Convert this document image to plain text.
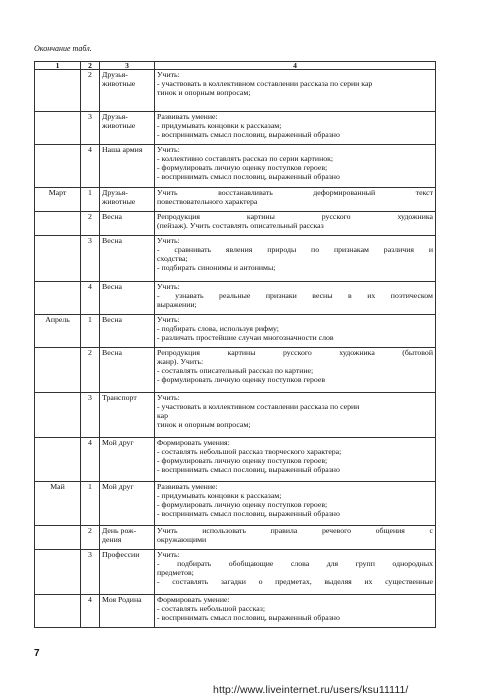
Окончание табл.
1	2	3	4
	2	Друзья-
животные	Учить:
- участвовать в коллективном составлении рассказа по серии кар
тинок и опорным вопросам;

	3	Друзья-
животные	Развивать умение:
- придумывать концовки к рассказам;
- воспринимать смысл пословиц, выраженный образно

	4	Наша армия	Учить:
- коллективно составлять рассказ по серии картинок;
- формулировать личную оценку поступков героев;
- воспринимать смысл пословиц, выраженный образно

Март	1	Друзья-
животные	Учить восстанавливать деформированный текст
повествовательного характера

	2	Весна	Репродукция картины русского художника
(пейзаж). Учить составлять описательный рассказ

	3	Весна	Учить:
- сравнивать явления природы по признакам различия и
сходства;
- подбирать синонимы и антонимы;

	4	Весна	Учить:
- узнавать реальные признаки весны в их поэтическом
выражении;

Апрель	1	Весна	Учить:
- подбирать слова, используя рифму;
- различать простейшие случаи многозначности слов

	2	Весна	Репродукция картины русского художника (бытовой
жанр). Учить:
- составлять описательный рассказ по картине;
- формулировать личную оценку поступков героев

	3	Транспорт	Учить:
- участвовать в коллективном составлении рассказа по серии
кар
тинок и опорным вопросам;

	4	Мой друг	Формировать умения:
- составлять небольшой рассказ творческого характера;
- формулировать личную оценку поступков героев;
- воспринимать смысл пословиц, выраженный образно

Май	1	Мой друг	Развивать умение:
- придумывать концовки к рассказам;
- формулировать личную оценку поступков героев;
- воспринимать смысл пословиц, выраженный образно

	2	День рож-
дения	Учить использовать правила речевого общения с
окружающими

	3	Профессии	Учить:
- подбирать обобщающие слова для групп однородных
предметов;
- составлять загадки о предметах, выделяя их существенные

	4	Моя Родина	Формировать умение:
- составлять небольшой рассказ;
- воспринимать смысл пословиц, выраженный образно
7
http://www.liveinternet.ru/users/ksu11111/
